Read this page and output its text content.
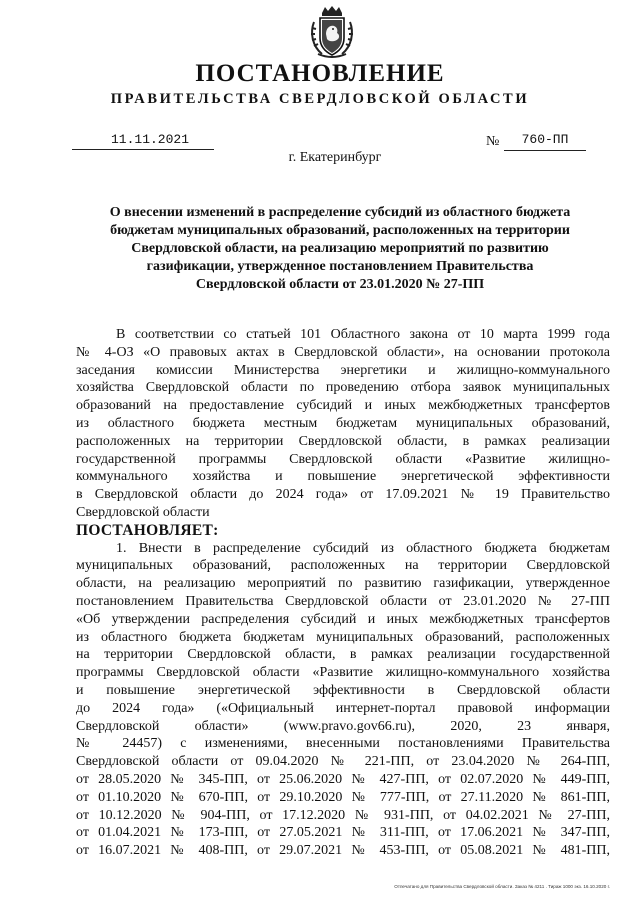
ПОСТАНОВЛЕНИЕ
ПРАВИТЕЛЬСТВА СВЕРДЛОВСКОЙ ОБЛАСТИ
11.11.2021	№	760-ПП
г. Екатеринбург
О внесении изменений в распределение субсидий из областного бюджета
бюджетам муниципальных образований, расположенных на территории
Свердловской области, на реализацию мероприятий по развитию
газификации, утвержденное постановлением Правительства
Свердловской области от 23.01.2020 № 27-ПП
В соответствии со статьей 101 Областного закона от 10 марта 1999 года
№ 4-ОЗ «О правовых актах в Свердловской области», на основании протокола
заседания комиссии Министерства энергетики и жилищно-коммунального
хозяйства Свердловской области по проведению отбора заявок муниципальных
образований на предоставление субсидий и иных межбюджетных трансфертов
из областного бюджета местным бюджетам муниципальных образований,
расположенных на территории Свердловской области, в рамках реализации
государственной программы Свердловской области «Развитие жилищно-
коммунального хозяйства и повышение энергетической эффективности
в Свердловской области до 2024 года» от 17.09.2021 № 19 Правительство
Свердловской области
ПОСТАНОВЛЯЕТ:
1. Внести в распределение субсидий из областного бюджета бюджетам
муниципальных образований, расположенных на территории Свердловской
области, на реализацию мероприятий по развитию газификации, утвержденное
постановлением Правительства Свердловской области от 23.01.2020 № 27-ПП
«Об утверждении распределения субсидий и иных межбюджетных трансфертов
из областного бюджета бюджетам муниципальных образований, расположенных
на территории Свердловской области, в рамках реализации государственной
программы Свердловской области «Развитие жилищно-коммунального хозяйства
и повышение энергетической эффективности в Свердловской области
до 2024 года» («Официальный интернет-портал правовой информации
Свердловской области» (www.pravo.gov66.ru), 2020, 23 января,
№ 24457) с изменениями, внесенными постановлениями Правительства
Свердловской области от 09.04.2020 № 221-ПП, от 23.04.2020 № 264-ПП,
от 28.05.2020 № 345-ПП, от 25.06.2020 № 427-ПП, от 02.07.2020 № 449-ПП,
от 01.10.2020 № 670-ПП, от 29.10.2020 № 777-ПП, от 27.11.2020 № 861-ПП,
от 10.12.2020 № 904-ПП, от 17.12.2020 № 931-ПП, от 04.02.2021 № 27-ПП,
от 01.04.2021 № 173-ПП, от 27.05.2021 № 311-ПП, от 17.06.2021 № 347-ПП,
от 16.07.2021 № 408-ПП, от 29.07.2021 № 453-ПП, от 05.08.2021 № 481-ПП,
Отпечатано для Правительства Свердловской области. Заказ № 4211 . Тираж 1000 экз. 16.10.2020 г.
